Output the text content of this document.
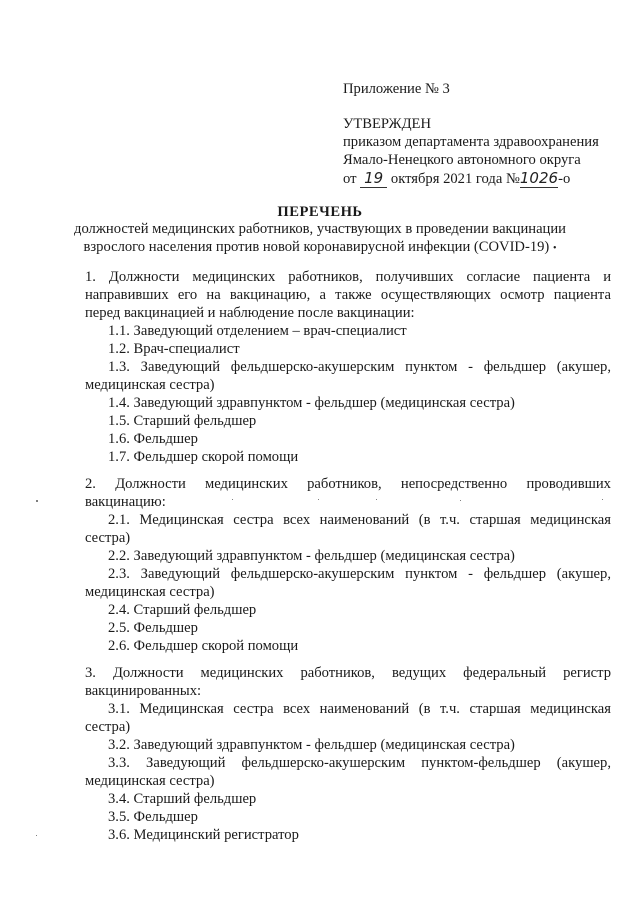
Приложение № 3
УТВЕРЖДЕН
приказом департамента здравоохранения
Ямало-Ненецкого автономного округа
от 19 октября 2021 года №1026-о
ПЕРЕЧЕНЬ
должностей медицинских работников, участвующих в проведении вакцинации
взрослого населения против новой коронавирусной инфекции (COVID-19) •
1. Должности медицинских работников, получивших согласие пациента и
направивших его на вакцинацию, а также осуществляющих осмотр пациента
перед вакцинацией и наблюдение после вакцинации:
1.1. Заведующий отделением – врач-специалист
1.2. Врач-специалист
1.3. Заведующий фельдшерско-акушерским пунктом - фельдшер (акушер,
медицинская сестра)
1.4. Заведующий здравпунктом - фельдшер (медицинская сестра)
1.5. Старший фельдшер
1.6. Фельдшер
1.7. Фельдшер скорой помощи
2. Должности медицинских работников, непосредственно проводивших
вакцинацию:
2.1. Медицинская сестра всех наименований (в т.ч. старшая медицинская
сестра)
2.2. Заведующий здравпунктом - фельдшер (медицинская сестра)
2.3. Заведующий фельдшерско-акушерским пунктом - фельдшер (акушер,
медицинская сестра)
2.4. Старший фельдшер
2.5. Фельдшер
2.6. Фельдшер скорой помощи
3. Должности медицинских работников, ведущих федеральный регистр
вакцинированных:
3.1. Медицинская сестра всех наименований (в т.ч. старшая медицинская
сестра)
3.2. Заведующий здравпунктом - фельдшер (медицинская сестра)
3.3. Заведующий фельдшерско-акушерским пунктом-фельдшер (акушер,
медицинская сестра)
3.4. Старший фельдшер
3.5. Фельдшер
3.6. Медицинский регистратор
